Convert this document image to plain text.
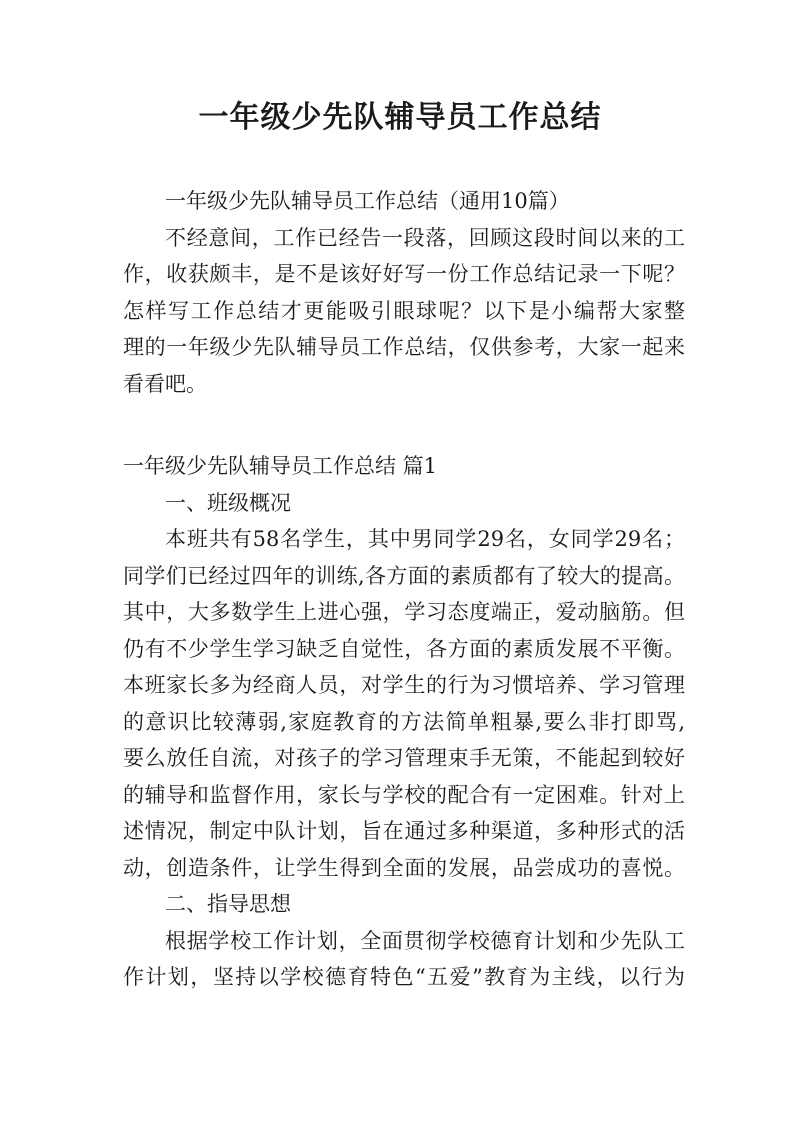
一年级少先队辅导员工作总结
一年级少先队辅导员工作总结（通用10篇）
不经意间，工作已经告一段落，回顾这段时间以来的工
作，收获颇丰，是不是该好好写一份工作总结记录一下呢？
怎样写工作总结才更能吸引眼球呢？以下是小编帮大家整
理的一年级少先队辅导员工作总结，仅供参考，大家一起来
看看吧。
一年级少先队辅导员工作总结 篇1
一、班级概况
本班共有58名学生，其中男同学29名，女同学29名；
同学们已经过四年的训练,各方面的素质都有了较大的提高。
其中，大多数学生上进心强，学习态度端正，爱动脑筋。但
仍有不少学生学习缺乏自觉性，各方面的素质发展不平衡。
本班家长多为经商人员，对学生的行为习惯培养、学习管理
的意识比较薄弱,家庭教育的方法简单粗暴,要么非打即骂,
要么放任自流，对孩子的学习管理束手无策，不能起到较好
的辅导和监督作用，家长与学校的配合有一定困难。针对上
述情况，制定中队计划，旨在通过多种渠道，多种形式的活
动，创造条件，让学生得到全面的发展，品尝成功的喜悦。
二、指导思想
根据学校工作计划，全面贯彻学校德育计划和少先队工
作计划，坚持以学校德育特色“五爱”教育为主线，以行为
